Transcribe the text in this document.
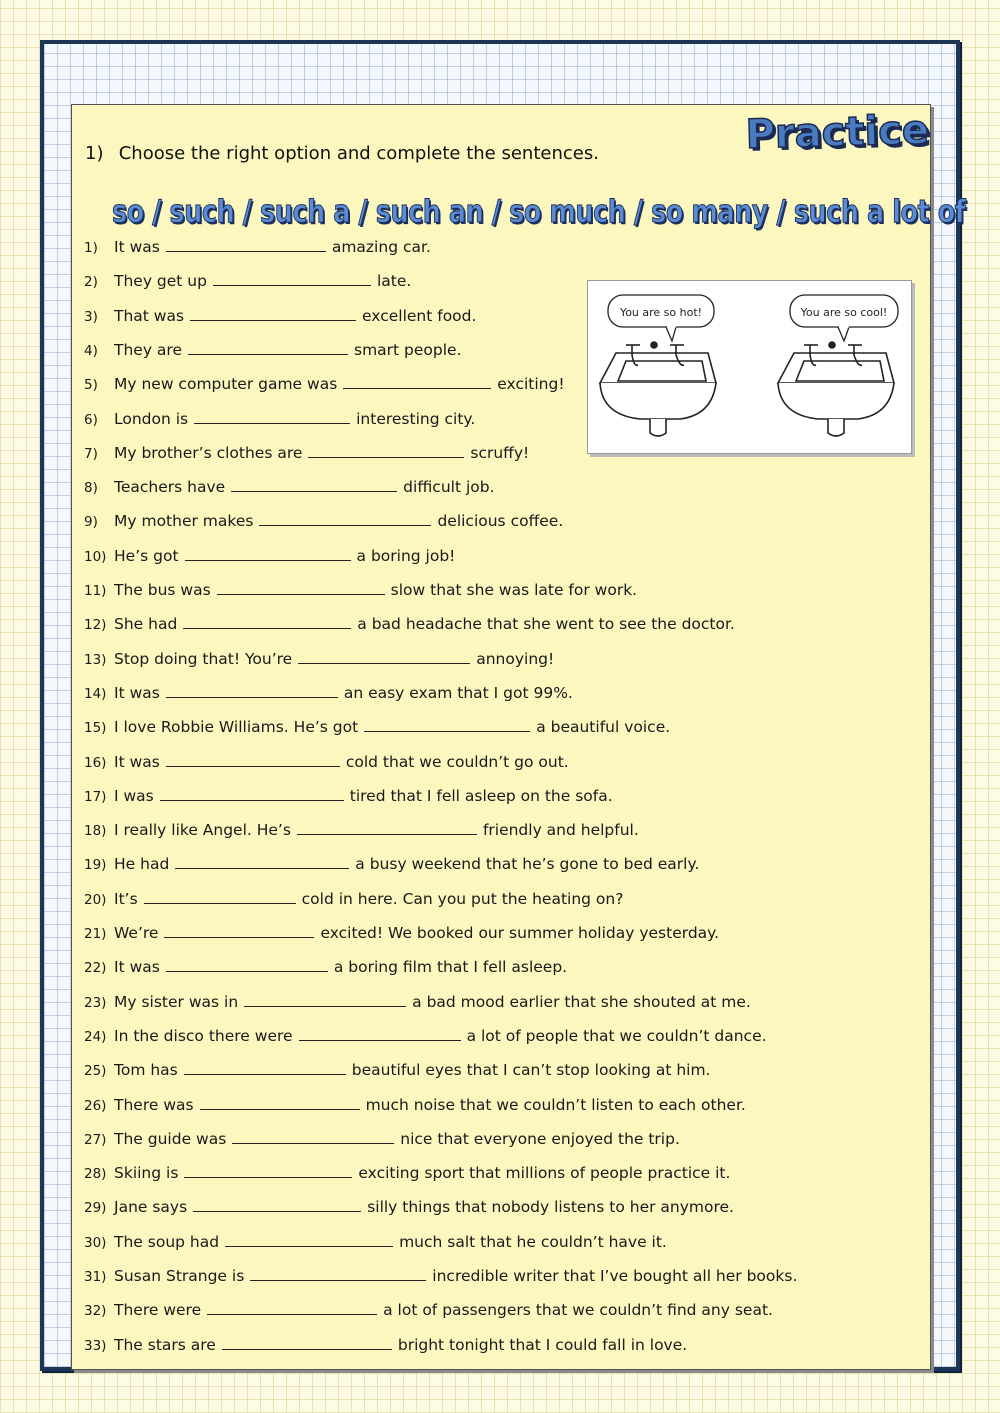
1) Choose the right option and complete the sentences.	Practice
so / such / such a / such an / so much / so many / such a lot of
You are so hot!	You are so cool!
1) It was	amazing car.
2) They get up	late.
3) That was	excellent food.
4) They are	smart people.
5) My new computer game was	exciting!
6) London is	interesting city.
7) My brother’s clothes are	scruffy!
8) Teachers have	difficult job.
9) My mother makes	delicious coffee.
10) He’s got	a boring job!
11) The bus was	slow that she was late for work.
12) She had	a bad headache that she went to see the doctor.
13) Stop doing that! You’re	annoying!
14) It was	an easy exam that I got 99%.
15) I love Robbie Williams. He’s got	a beautiful voice.
16) It was	cold that we couldn’t go out.
17) I was	tired that I fell asleep on the sofa.
18) I really like Angel. He’s	friendly and helpful.
19) He had	a busy weekend that he’s gone to bed early.
20) It’s	cold in here. Can you put the heating on?
21) We’re	excited! We booked our summer holiday yesterday.
22) It was	a boring film that I fell asleep.
23) My sister was in	a bad mood earlier that she shouted at me.
24) In the disco there were	a lot of people that we couldn’t dance.
25) Tom has	beautiful eyes that I can’t stop looking at him.
26) There was	much noise that we couldn’t listen to each other.
27) The guide was	nice that everyone enjoyed the trip.
28) Skiing is	exciting sport that millions of people practice it.
29) Jane says	silly things that nobody listens to her anymore.
30) The soup had	much salt that he couldn’t have it.
31) Susan Strange is	incredible writer that I’ve bought all her books.
32) There were	a lot of passengers that we couldn’t find any seat.
33) The stars are	bright tonight that I could fall in love.
